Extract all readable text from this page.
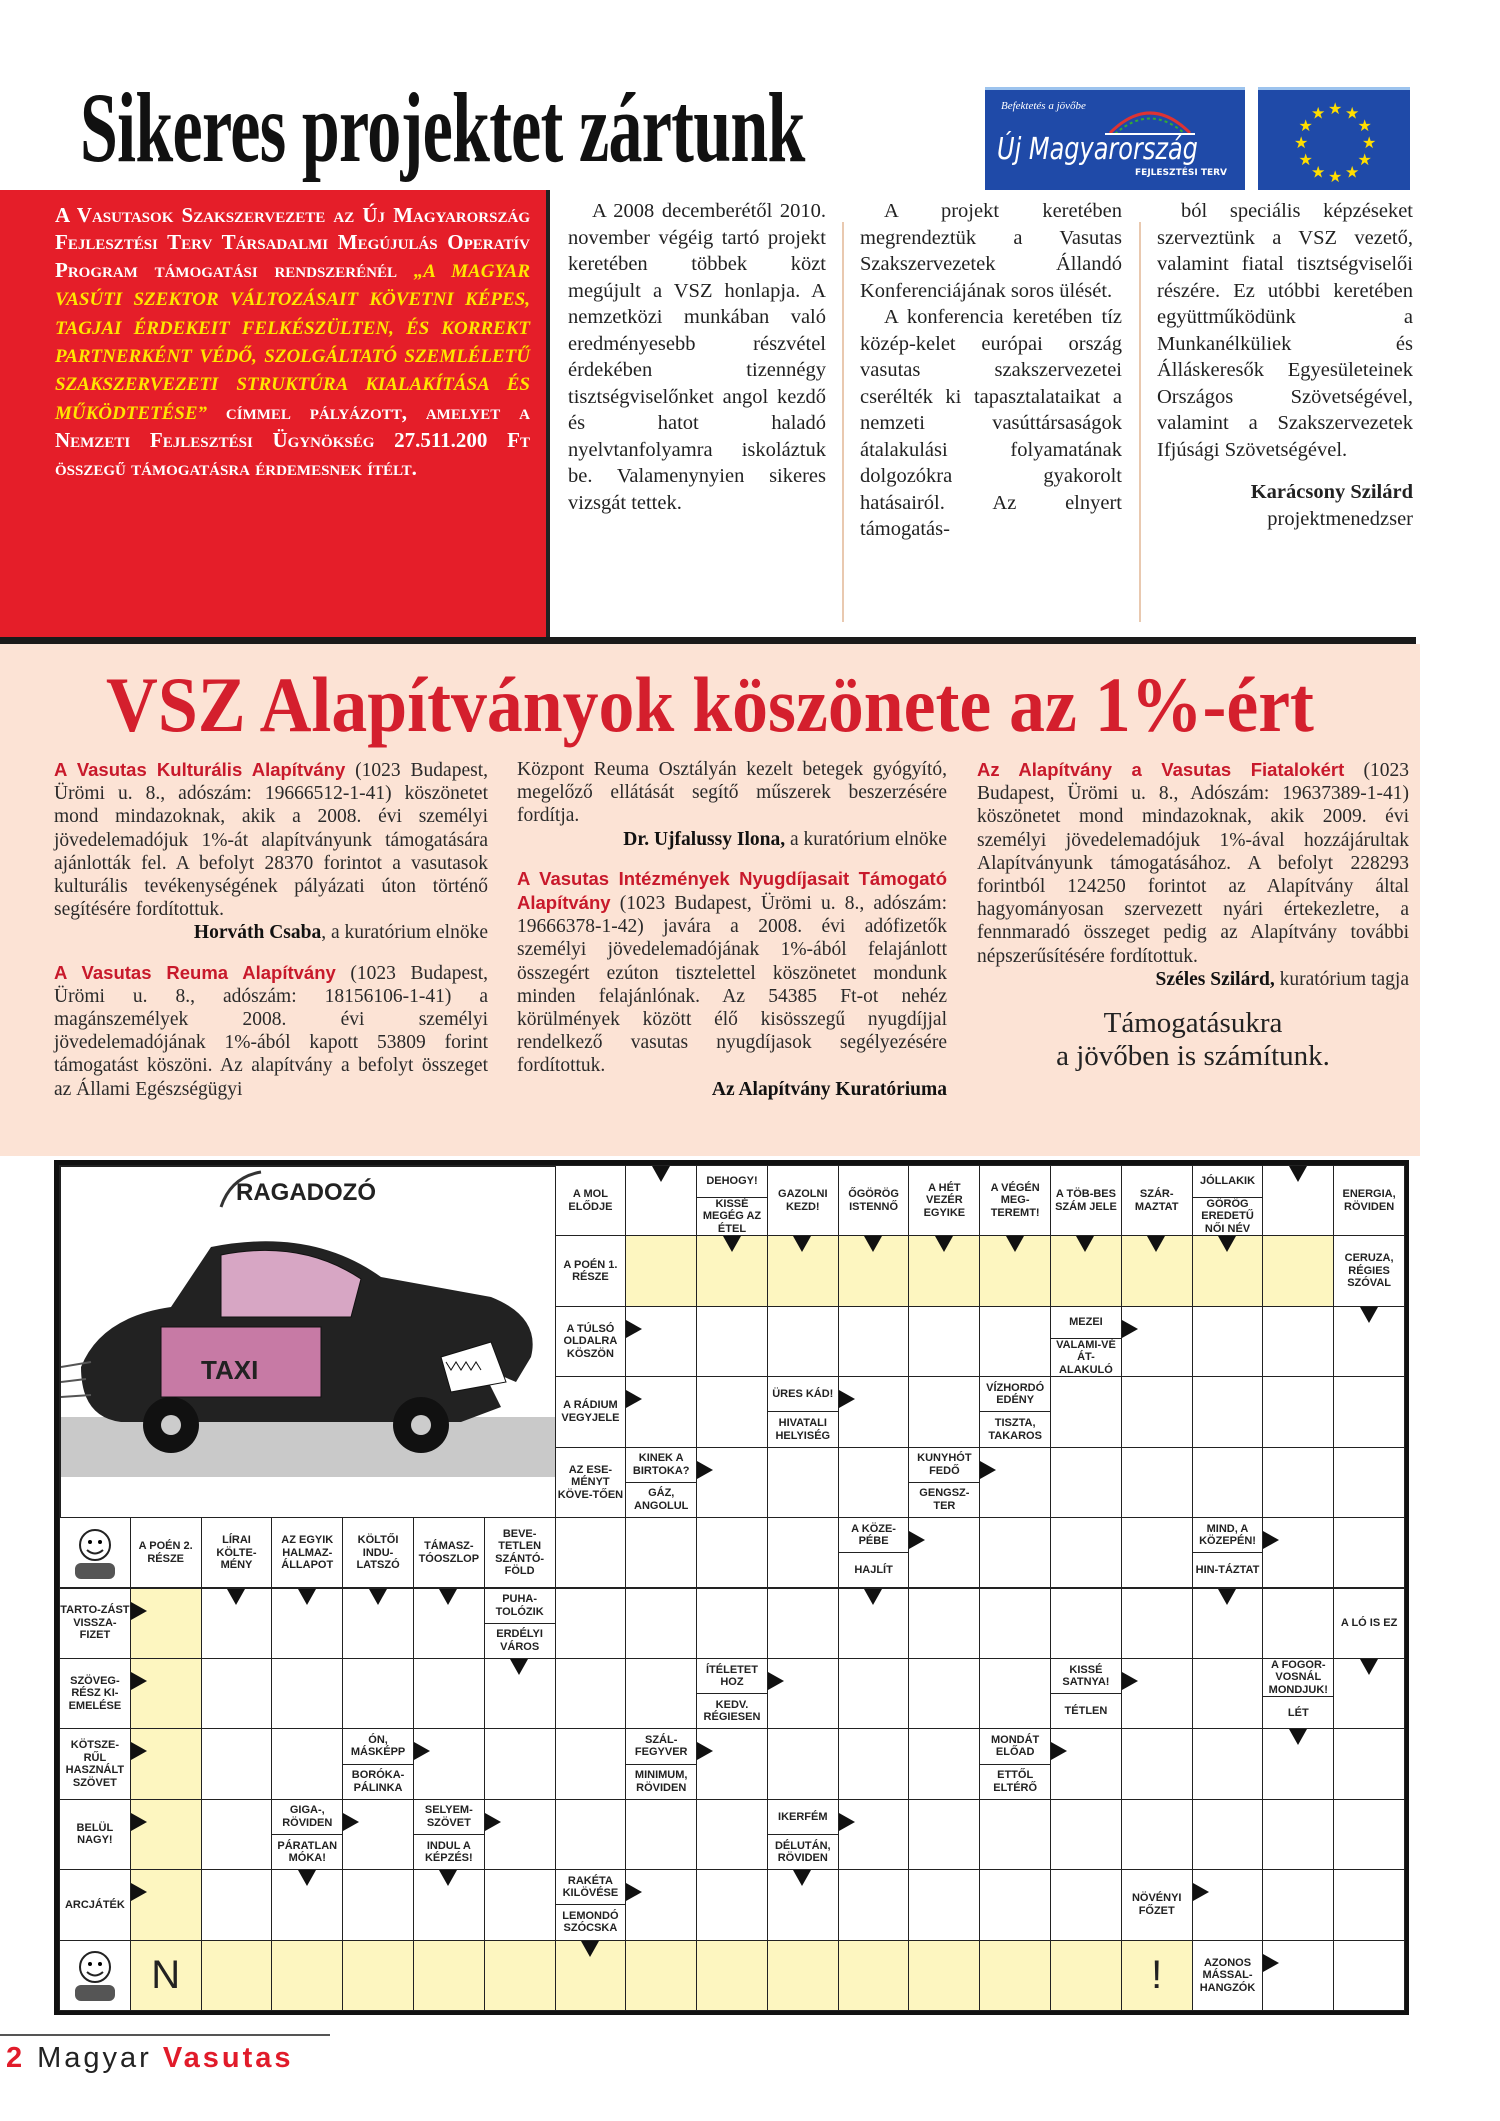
Sikeres projektet zártunk	Befektetés a jövőbe
Új Magyarország
FEJLESZTÉSI TERV
★ ★
★
★
★
★
★
★
★
★
★
★
A Vasutasok Szakszervezete az Új Magyarország Fejlesztési Terv Társadalmi Megújulás Operatív Program támogatási rendszerénél „A MAGYAR VASÚTI SZEKTOR VÁLTOZÁSAIT KÖVETNI KÉPES, TAGJAI ÉRDEKEIT FELKÉSZÜLTEN, ÉS KORREKT PARTNERKÉNT VÉDŐ, SZOLGÁLTATÓ SZEMLÉLETŰ SZAKSZERVEZETI STRUKTÚRA KIALAKÍTÁSA ÉS MŰKÖDTETÉSE” címmel pályázott, amelyet a Nemzeti Fejlesztési Ügynökség 27.511.200 Ft összegű támogatásra érdemesnek ítélt.

A 2008 decemberétől 2010. november végéig tartó projekt keretében többek közt megújult a VSZ honlapja. A nemzetközi munkában való eredményesebb részvétel érdekében tizennégy tisztségviselőnket angol kezdő és hatot haladó nyelvtanfolyamra iskoláztuk be. Valamenynyien sikeres vizsgát tettek.

A projekt keretében megrendeztük a Vasutas Szakszervezetek Állandó Konferenciájának soros ülését.

A konferencia keretében tíz közép-kelet európai ország vasutas szakszervezetei cserélték ki tapasztalataikat a nemzeti vasúttársaságok átalakulási folyamatának dolgozókra gyakorolt hatásairól. Az elnyert támogatás-

ból speciális képzéseket szerveztünk a VSZ vezető, valamint fiatal tisztségviselői részére. Ez utóbbi keretében együttműködünk a Munkanélküliek és Álláskeresők Egyesületeinek Országos Szövetségével, valamint a Szakszervezetek Ifjúsági Szövetségével.

Karácsony Szilárd
projektmenedzser
VSZ Alapítványok köszönete az 1%-ért
A Vasutas Kulturális Alapítvány (1023 Budapest, Ürömi u. 8., adószám: 19666512-1-41) köszönetet mond mindazoknak, akik a 2008. évi személyi jövedelemadójuk 1%-át alapítványunk támogatására ajánlották fel. A befolyt 28370 forintot a vasutasok kulturális tevékenységének pályázati úton történő segítésére fordítottuk.
Horváth Csaba, a kuratórium elnöke
A Vasutas Reuma Alapítvány (1023 Budapest, Ürömi u. 8., adószám: 18156106-1-41) a magánszemélyek 2008. évi személyi jövedelemadójának 1%-ából kapott 53809 forint támogatást köszöni. Az alapítvány a befolyt összeget az Állami Egészségügyi
Központ Reuma Osztályán kezelt betegek gyógyító, megelőző ellátását segítő műszerek beszerzésére fordítja.
Dr. Ujfalussy Ilona, a kuratórium elnöke
A Vasutas Intézmények Nyugdíjasait Támogató Alapítvány (1023 Budapest, Ürömi u. 8., adószám: 19666378-1-42) javára a 2008. évi adófizetők személyi jövedelemadójának 1%-ából felajánlott összegért ezúton tisztelettel köszönetet mondunk minden felajánlónak. Az 54385 Ft-ot nehéz körülmények között élő kisösszegű nyugdíjjal rendelkező vasutas nyugdíjasok segélyezésére fordítottuk.
Az Alapítvány Kuratóriuma
Az Alapítvány a Vasutas Fiatalokért (1023 Budapest, Ürömi u. 8., Adószám: 19637389-1-41) köszönetet mond mindazoknak, akik 2009. évi személyi jövedelemadójuk 1%-ával hozzájárultak Alapítványunk támogatásához. A befolyt 228293 forintból 124250 forintot az Alapítvány által hagyományosan szervezett nyári értekezletre, a fennmaradó összeget pedig az Alapítvány további népszerűsítésére fordítottuk.
Széles Szilárd, kuratórium tagja
Támogatásukra
a jövőben is számítunk.
RAGADOZÓ
TAXI
A MOL ELŐDJE
DEHOGY!
KISSÉ MEGÉG AZ ÉTEL
GAZOLNI KEZD!
ŐGÖRÖG ISTENNŐ
A HÉT VEZÉR EGYIKE
A VÉGÉN MEG-TEREMT!
A TÖB-BES SZÁM JELE
SZÁR-MAZTAT
JÓLLAKIK
GÖRÖG EREDETŰ NŐI NÉV
ENERGIA, RÖVIDEN
A POÉN 1. RÉSZE
CERUZA, RÉGIES SZÓVAL
A TÚLSÓ OLDALRA KÖSZÖN
MEZEI
VALAMI-VÉ ÁT-ALAKULÓ
A RÁDIUM VEGYJELE
ÜRES KÁD!
HIVATALI HELYISÉG
VÍZHORDÓ EDÉNY
TISZTA, TAKAROS
AZ ESE-MÉNYT KÖVE-TŐEN
KINEK A BIRTOKA?
GÁZ, ANGOLUL
KUNYHÓT FEDŐ
GENGSZ-TER
A POÉN 2. RÉSZE
LÍRAI KÖLTE-MÉNY
AZ EGYIK HALMAZ-ÁLLAPOT
KÖLTŐI INDU-LATSZÓ
TÁMASZ-TÓOSZLOP
BEVE-TETLEN SZÁNTÓ-FÖLD
A KÖZE-PÉBE
HAJLÍT
MIND, A KÖZEPÉN!
HIN-TÁZTAT
TARTO-ZÁST VISSZA-FIZET
PUHA-TOLÓZIK
ERDÉLYI VÁROS
A LÓ IS EZ
SZÖVEG-RÉSZ KI-EMELÉSE
ÍTÉLETET HOZ
KEDV. RÉGIESEN
KISSÉ SATNYA!
TÉTLEN
A FOGOR-VOSNÁL MONDJUK!
LÉT
KÖTSZE-RŰL HASZNÁLT SZÖVET
ÓN, MÁSKÉPP
BORÓKA-PÁLINKA
SZÁL-FEGYVER
MINIMUM, RÖVIDEN
MONDÁT ELŐAD
ETTŐL ELTÉRŐ
BELÜL NAGY!
GIGA-, RÖVIDEN
PÁRATLAN MÓKA!
SELYEM-SZÖVET
INDUL A KÉPZÉS!
IKERFÉM
DÉLUTÁN, RÖVIDEN
ARCJÁTÉK
RAKÉTA KILÖVÉSE
LEMONDÓ SZÓCSKA
NÖVÉNYI FŐZET
N	!	AZONOS MÁSSAL-HANGZÓK
2 Magyar Vasutas
